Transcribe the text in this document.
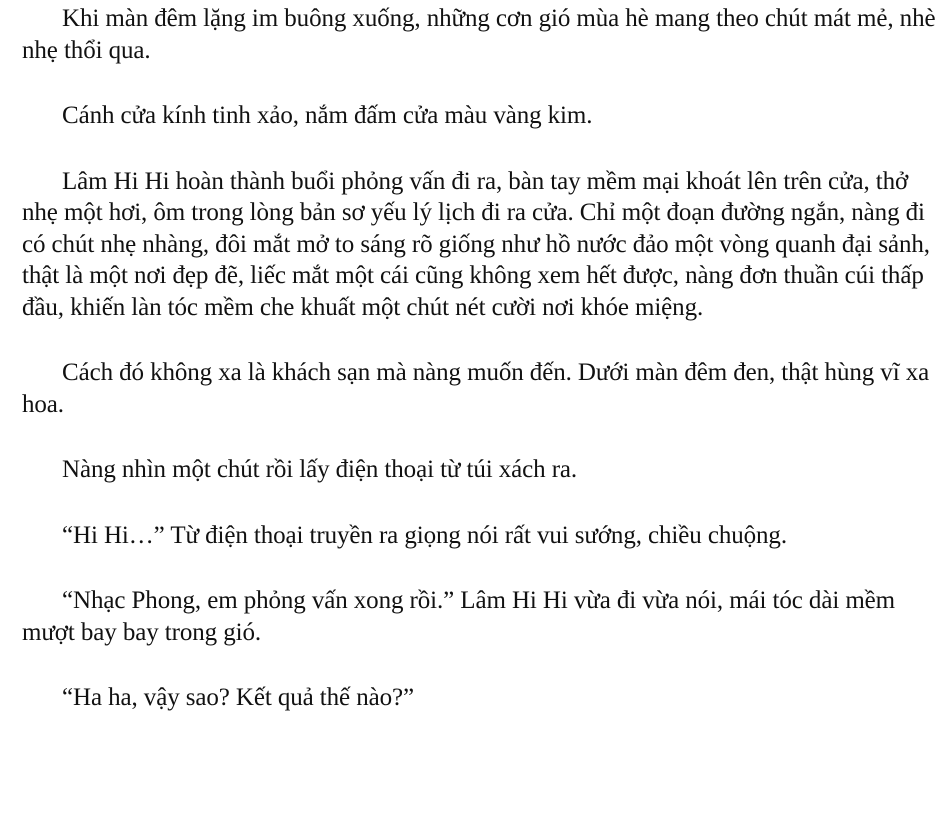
Khi màn đêm lặng im buông xuống, những cơn gió mùa hè mang theo chút mát mẻ, nhè nhẹ thổi qua.

Cánh cửa kính tinh xảo, nắm đấm cửa màu vàng kim.

Lâm Hi Hi hoàn thành buổi phỏng vấn đi ra, bàn tay mềm mại khoát lên trên cửa, thở nhẹ một hơi, ôm trong lòng bản sơ yếu lý lịch đi ra cửa. Chỉ một đoạn đường ngắn, nàng đi có chút nhẹ nhàng, đôi mắt mở to sáng rõ giống như hồ nước đảo một vòng quanh đại sảnh, thật là một nơi đẹp đẽ, liếc mắt một cái cũng không xem hết được, nàng đơn thuần cúi thấp đầu, khiến làn tóc mềm che khuất một chút nét cười nơi khóe miệng.

Cách đó không xa là khách sạn mà nàng muốn đến. Dưới màn đêm đen, thật hùng vĩ xa hoa.

Nàng nhìn một chút rồi lấy điện thoại từ túi xách ra.

“Hi Hi…” Từ điện thoại truyền ra giọng nói rất vui sướng, chiều chuộng.

“Nhạc Phong, em phỏng vấn xong rồi.” Lâm Hi Hi vừa đi vừa nói, mái tóc dài mềm mượt bay bay trong gió.

“Ha ha, vậy sao? Kết quả thế nào?”
